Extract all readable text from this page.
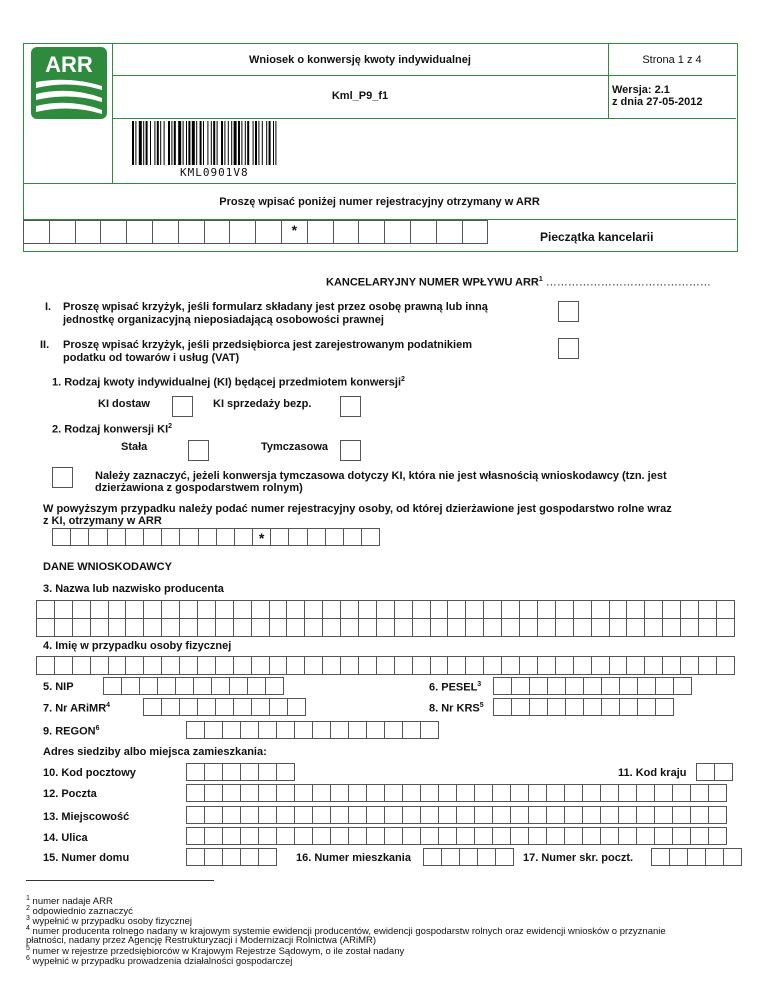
ARR	Wniosek o konwersję kwoty indywidualnej	Strona 1 z 4
Kml_P9_f1	Wersja: 2.1
z dnia 27-05-2012
KML0901V8
Proszę wpisać poniżej numer rejestracyjny otrzymany w ARR
*	Pieczątka kancelarii
KANCELARYJNY NUMER WPŁYWU ARR$^1$ ………………………………………
I. Proszę wpisać krzyżyk, jeśli formularz składany jest przez osobę prawną lub inną
jednostkę organizacyjną nieposiadającą osobowości prawnej
II. Proszę wpisać krzyżyk, jeśli przedsiębiorca jest zarejestrowanym podatnikiem
podatku od towarów i usług (VAT)
1. Rodzaj kwoty indywidualnej (KI) będącej przedmiotem konwersji$^2$
KI dostaw	KI sprzedaży bezp.
2. Rodzaj konwersji $KI^2$
Stała	Tymczasowa
Należy zaznaczyć, jeżeli konwersja tymczasowa dotyczy KI, która nie jest własnością wnioskodawcy (tzn. jest
dzierżawiona z gospodarstwem rolnym)
W powyższym przypadku należy podać numer rejestracyjny osoby, od której dzierżawione jest gospodarstwo rolne wraz
z KI, otrzymany w ARR
*
DANE WNIOSKODAWCY
3. Nazwa lub nazwisko producenta
4. Imię w przypadku osoby fizycznej
5. NIP	6. PESEL$^3$
7. Nr ARiMR$^4$	8. Nr KRS$^5$
9. REGON$^6$
Adres siedziby albo miejsca zamieszkania:
10. Kod pocztowy	11. Kod kraju
12. Poczta
13. Miejscowość
14. Ulica
15. Numer domu	16. Numer mieszkania	17. Numer skr. poczt.
$^1$ numer nadaje ARR
$^2$ odpowiednio zaznaczyć
$^3$ wypełnić w przypadku osoby fizycznej
$^4$ numer producenta rolnego nadany w krajowym systemie ewidencji producentów, ewidencji gospodarstw rolnych oraz ewidencji wniosków o przyznanie
płatności, nadany przez Agencję Restrukturyzacji i Modernizacji Rolnictwa (ARiMR)
$^5$ numer w rejestrze przedsiębiorców w Krajowym Rejestrze Sądowym, o ile został nadany
$^6$ wypełnić w przypadku prowadzenia działalności gospodarczej
